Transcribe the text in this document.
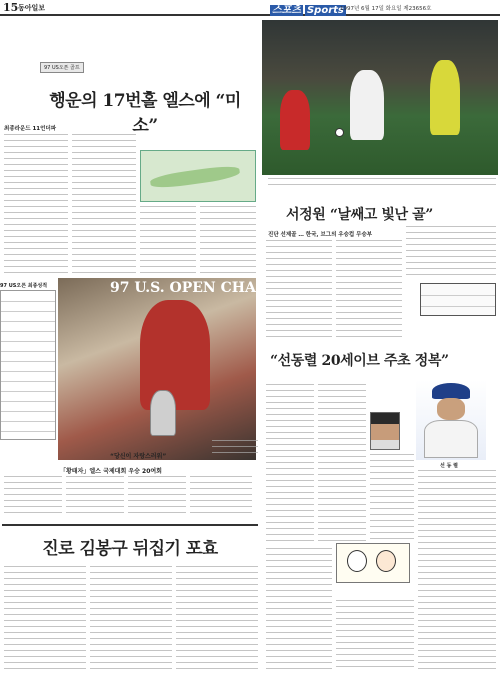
15 동아일보	스포츠 Sports
1997년 6월 17일 화요일 제23656호
97 US오픈 골프
행운의 17번홀 엘스에 “미소”
최종라운드 11언더파
97 US오픈 최종성적	97 U.S. OPEN CHAMPIONS
“당신이 자랑스러워”
「황태자」엘스 국제대회 우승 20여회
진로 김봉구 뒤집기 포효
서정원 “날쌔고 빛난 골”
진단 선제골 … 한국, 브그의 우승컵 무승부
“선동렬 20세이브 주초 정복”
선 동 렬
